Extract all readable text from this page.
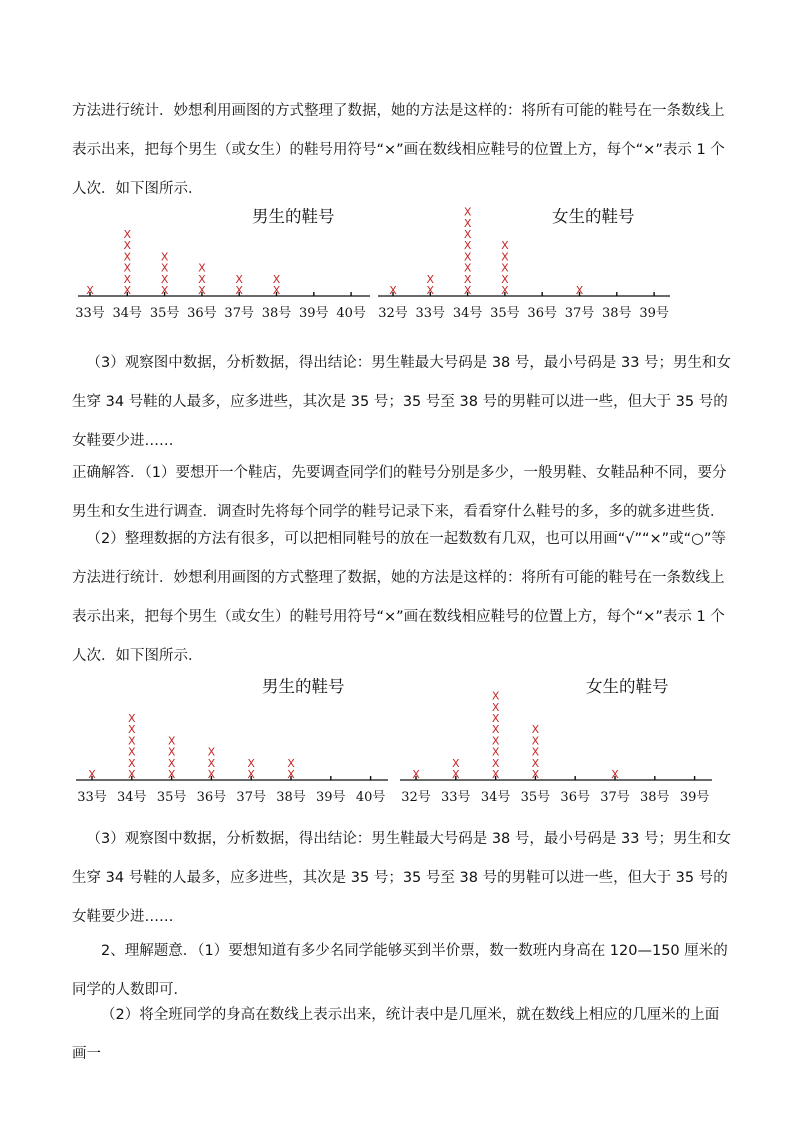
方法进行统计．妙想利用画图的方式整理了数据，她的方法是这样的：将所有可能的鞋号在一条数线上表示出来，把每个男生（或女生）的鞋号用符号“×”画在数线相应鞋号的位置上方，每个“×”表示 1 个人次．如下图所示．

男生的鞋号
33号
X
34号
X
X
X
X
X
X
35号
X
X
X
X
36号
X
X
X
37号
X
X
38号
X
X
39号 40号
女生的鞋号
32号
X
33号
X
X
34号
X
X
X
X
X
X
X
X
35号
X
X
X
X
X
36号 37号
X
38号 39号

（3）观察图中数据，分析数据，得出结论：男生鞋最大号码是 38 号，最小号码是 33 号；男生和女生穿 34 号鞋的人最多，应多进些，其次是 35 号；35 号至 38 号的男鞋可以进一些，但大于 35 号的女鞋要少进……

正确解答．（1）要想开一个鞋店，先要调查同学们的鞋号分别是多少，一般男鞋、女鞋品种不同，要分男生和女生进行调查．调查时先将每个同学的鞋号记录下来，看看穿什么鞋号的多，多的就多进些货．

（2）整理数据的方法有很多，可以把相同鞋号的放在一起数数有几双，也可以用画“√”“×”或“○”等方法进行统计．妙想利用画图的方式整理了数据，她的方法是这样的：将所有可能的鞋号在一条数线上表示出来，把每个男生（或女生）的鞋号用符号“×”画在数线相应鞋号的位置上方，每个“×”表示 1 个人次．如下图所示．

男生的鞋号
33号
X
34号
X
X
X
X
X
X
35号
X
X
X
X
36号
X
X
X
37号
X
X
38号
X
X
39号 40号
女生的鞋号
32号
X
33号
X
X
34号
X
X
X
X
X
X
X
X
35号
X
X
X
X
X
36号 37号
X
38号 39号

（3）观察图中数据，分析数据，得出结论：男生鞋最大号码是 38 号，最小号码是 33 号；男生和女生穿 34 号鞋的人最多，应多进些，其次是 35 号；35 号至 38 号的男鞋可以进一些，但大于 35 号的女鞋要少进……

2、理解题意．（1）要想知道有多少名同学能够买到半价票，数一数班内身高在 120—150 厘米的同学的人数即可．

（2）将全班同学的身高在数线上表示出来，统计表中是几厘米，就在数线上相应的几厘米的上面画一
